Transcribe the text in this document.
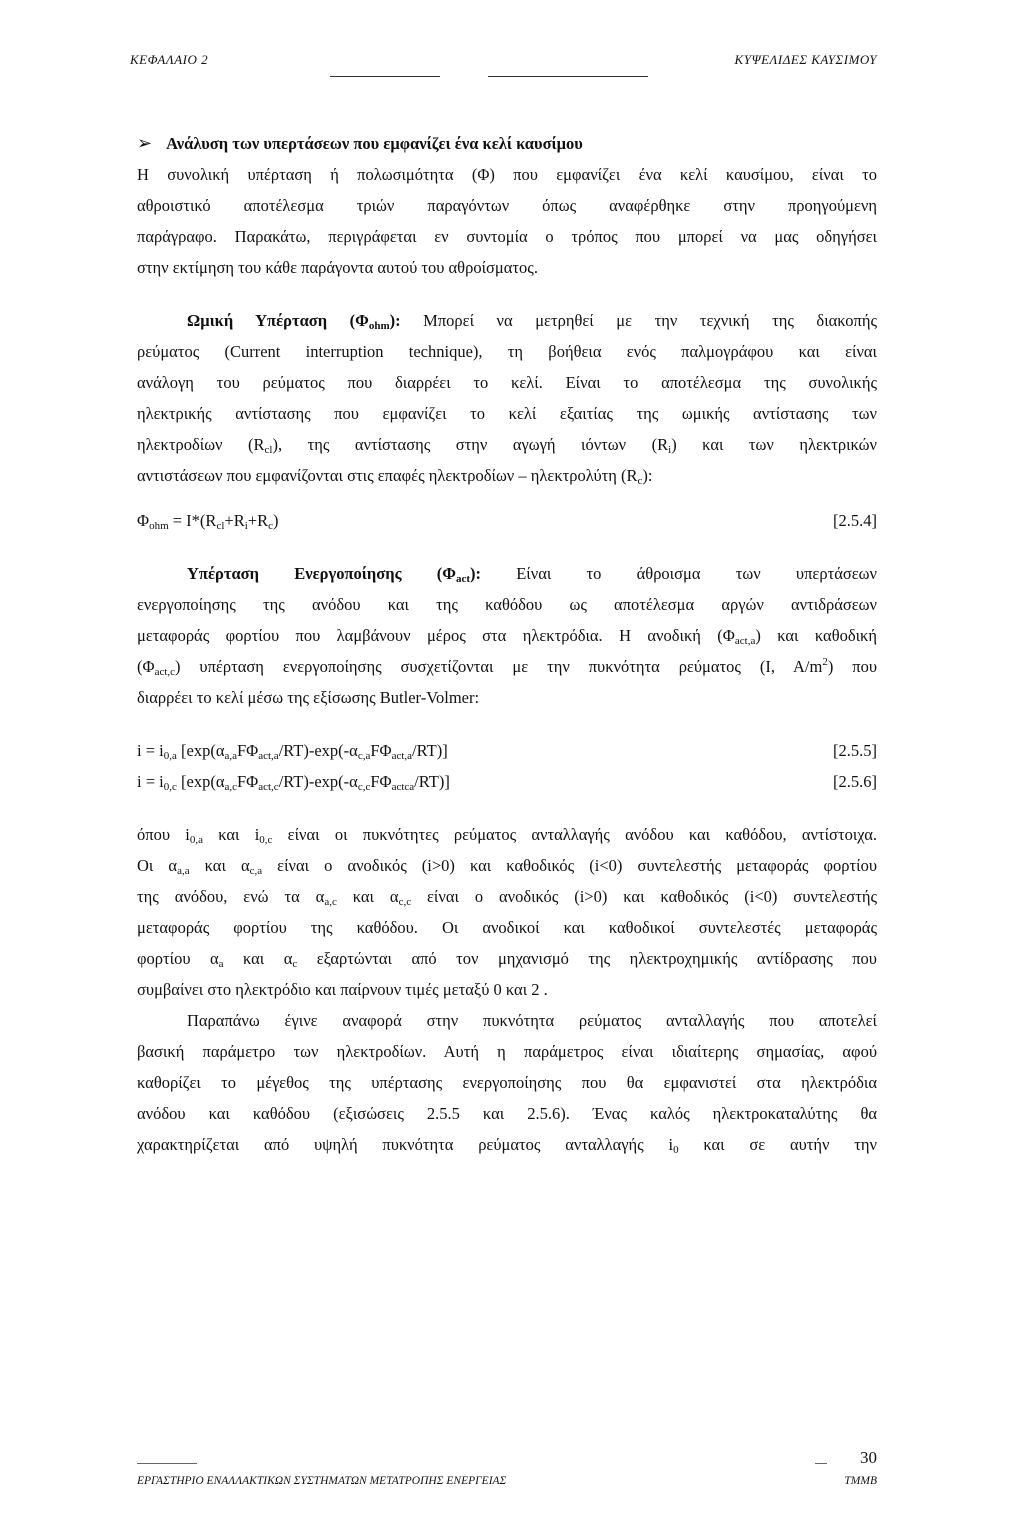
ΚΕΦΑΛΑΙΟ 2	ΚΥΨΕΛΙΔΕΣ ΚΑΥΣΙΜΟΥ
➢ Ανάλυση των υπερτάσεων που εμφανίζει ένα κελί καυσίμου
Η συνολική υπέρταση ή πολωσιμότητα (Φ) που εμφανίζει ένα κελί καυσίμου, είναι το
αθροιστικό αποτέλεσμα τριών παραγόντων όπως αναφέρθηκε στην προηγούμενη
παράγραφο. Παρακάτω, περιγράφεται εν συντομία ο τρόπος που μπορεί να μας οδηγήσει
στην εκτίμηση του κάθε παράγοντα αυτού του αθροίσματος.
Ωμική Υπέρταση $(\Phi_{ohm})$: Μπορεί να μετρηθεί με την τεχνική της διακοπής
ρεύματος (Current interruption technique), τη βοήθεια ενός παλμογράφου και είναι
ανάλογη του ρεύματος που διαρρέει το κελί. Είναι το αποτέλεσμα της συνολικής
ηλεκτρικής αντίστασης που εμφανίζει το κελί εξαιτίας της ωμικής αντίστασης των
ηλεκτροδίων $(R_{cl})$, της αντίστασης στην αγωγή ιόντων $(R_i)$ και των ηλεκτρικών
αντιστάσεων που εμφανίζονται στις επαφές ηλεκτροδίων – ηλεκτρολύτη $(R_c)$:
$\Phi_{ohm} = I*(R_{cl}+R_i+R_c)$	[2.5.4]
Υπέρταση Ενεργοποίησης $(\Phi_{act})$: Είναι το άθροισμα των υπερτάσεων
ενεργοποίησης της ανόδου και της καθόδου ως αποτέλεσμα αργών αντιδράσεων
μεταφοράς φορτίου που λαμβάνουν μέρος στα ηλεκτρόδια. Η ανοδική $(\Phi_{act,a})$ και καθοδική
$(\Phi_{act,c})$ υπέρταση ενεργοποίησης συσχετίζονται με την πυκνότητα ρεύματος (I, $A/m^2$) που
διαρρέει το κελί μέσω της εξίσωσης Butler-Volmer:
$i = i_{0,a}$ $[\exp(\alpha_{a,a}F\Phi_{act,a}/RT)-\exp(-\alpha_{c,a}F\Phi_{act,a}/RT)]$	[2.5.5]
$i = i_{0,c}$ $[\exp(\alpha_{a,c}F\Phi_{act,c}/RT)-\exp(-\alpha_{c,c}F\Phi_{actca}/RT)]$	[2.5.6]
όπου $i_{0,a}$ και $i_{0,c}$ είναι οι πυκνότητες ρεύματος ανταλλαγής ανόδου και καθόδου, αντίστοιχα.
Οι $\alpha_{a,a}$ και $\alpha_{c,a}$ είναι ο ανοδικός (i>0) και καθοδικός (i<0) συντελεστής μεταφοράς φορτίου
της ανόδου, ενώ τα $\alpha_{a,c}$ και $\alpha_{c,c}$ είναι ο ανοδικός (i>0) και καθοδικός (i<0) συντελεστής
μεταφοράς φορτίου της καθόδου. Οι ανοδικοί και καθοδικοί συντελεστές μεταφοράς
φορτίου $\alpha_a$ και $\alpha_c$ εξαρτώνται από τον μηχανισμό της ηλεκτροχημικής αντίδρασης που
συμβαίνει στο ηλεκτρόδιο και παίρνουν τιμές μεταξύ 0 και 2 .
Παραπάνω έγινε αναφορά στην πυκνότητα ρεύματος ανταλλαγής που αποτελεί
βασική παράμετρο των ηλεκτροδίων. Αυτή η παράμετρος είναι ιδιαίτερης σημασίας, αφού
καθορίζει το μέγεθος της υπέρτασης ενεργοποίησης που θα εμφανιστεί στα ηλεκτρόδια
ανόδου και καθόδου (εξισώσεις 2.5.5 και 2.5.6). Ένας καλός ηλεκτροκαταλύτης θα
χαρακτηρίζεται από υψηλή πυκνότητα ρεύματος ανταλλαγής $i_0$ και σε αυτήν την
30
ΕΡΓΑΣΤΗΡΙΟ ΕΝΑΛΛΑΚΤΙΚΩΝ ΣΥΣΤΗΜΑΤΩΝ ΜΕΤΑΤΡΟΠΗΣ ΕΝΕΡΓΕΙΑΣ	ΤΜΜΒ
